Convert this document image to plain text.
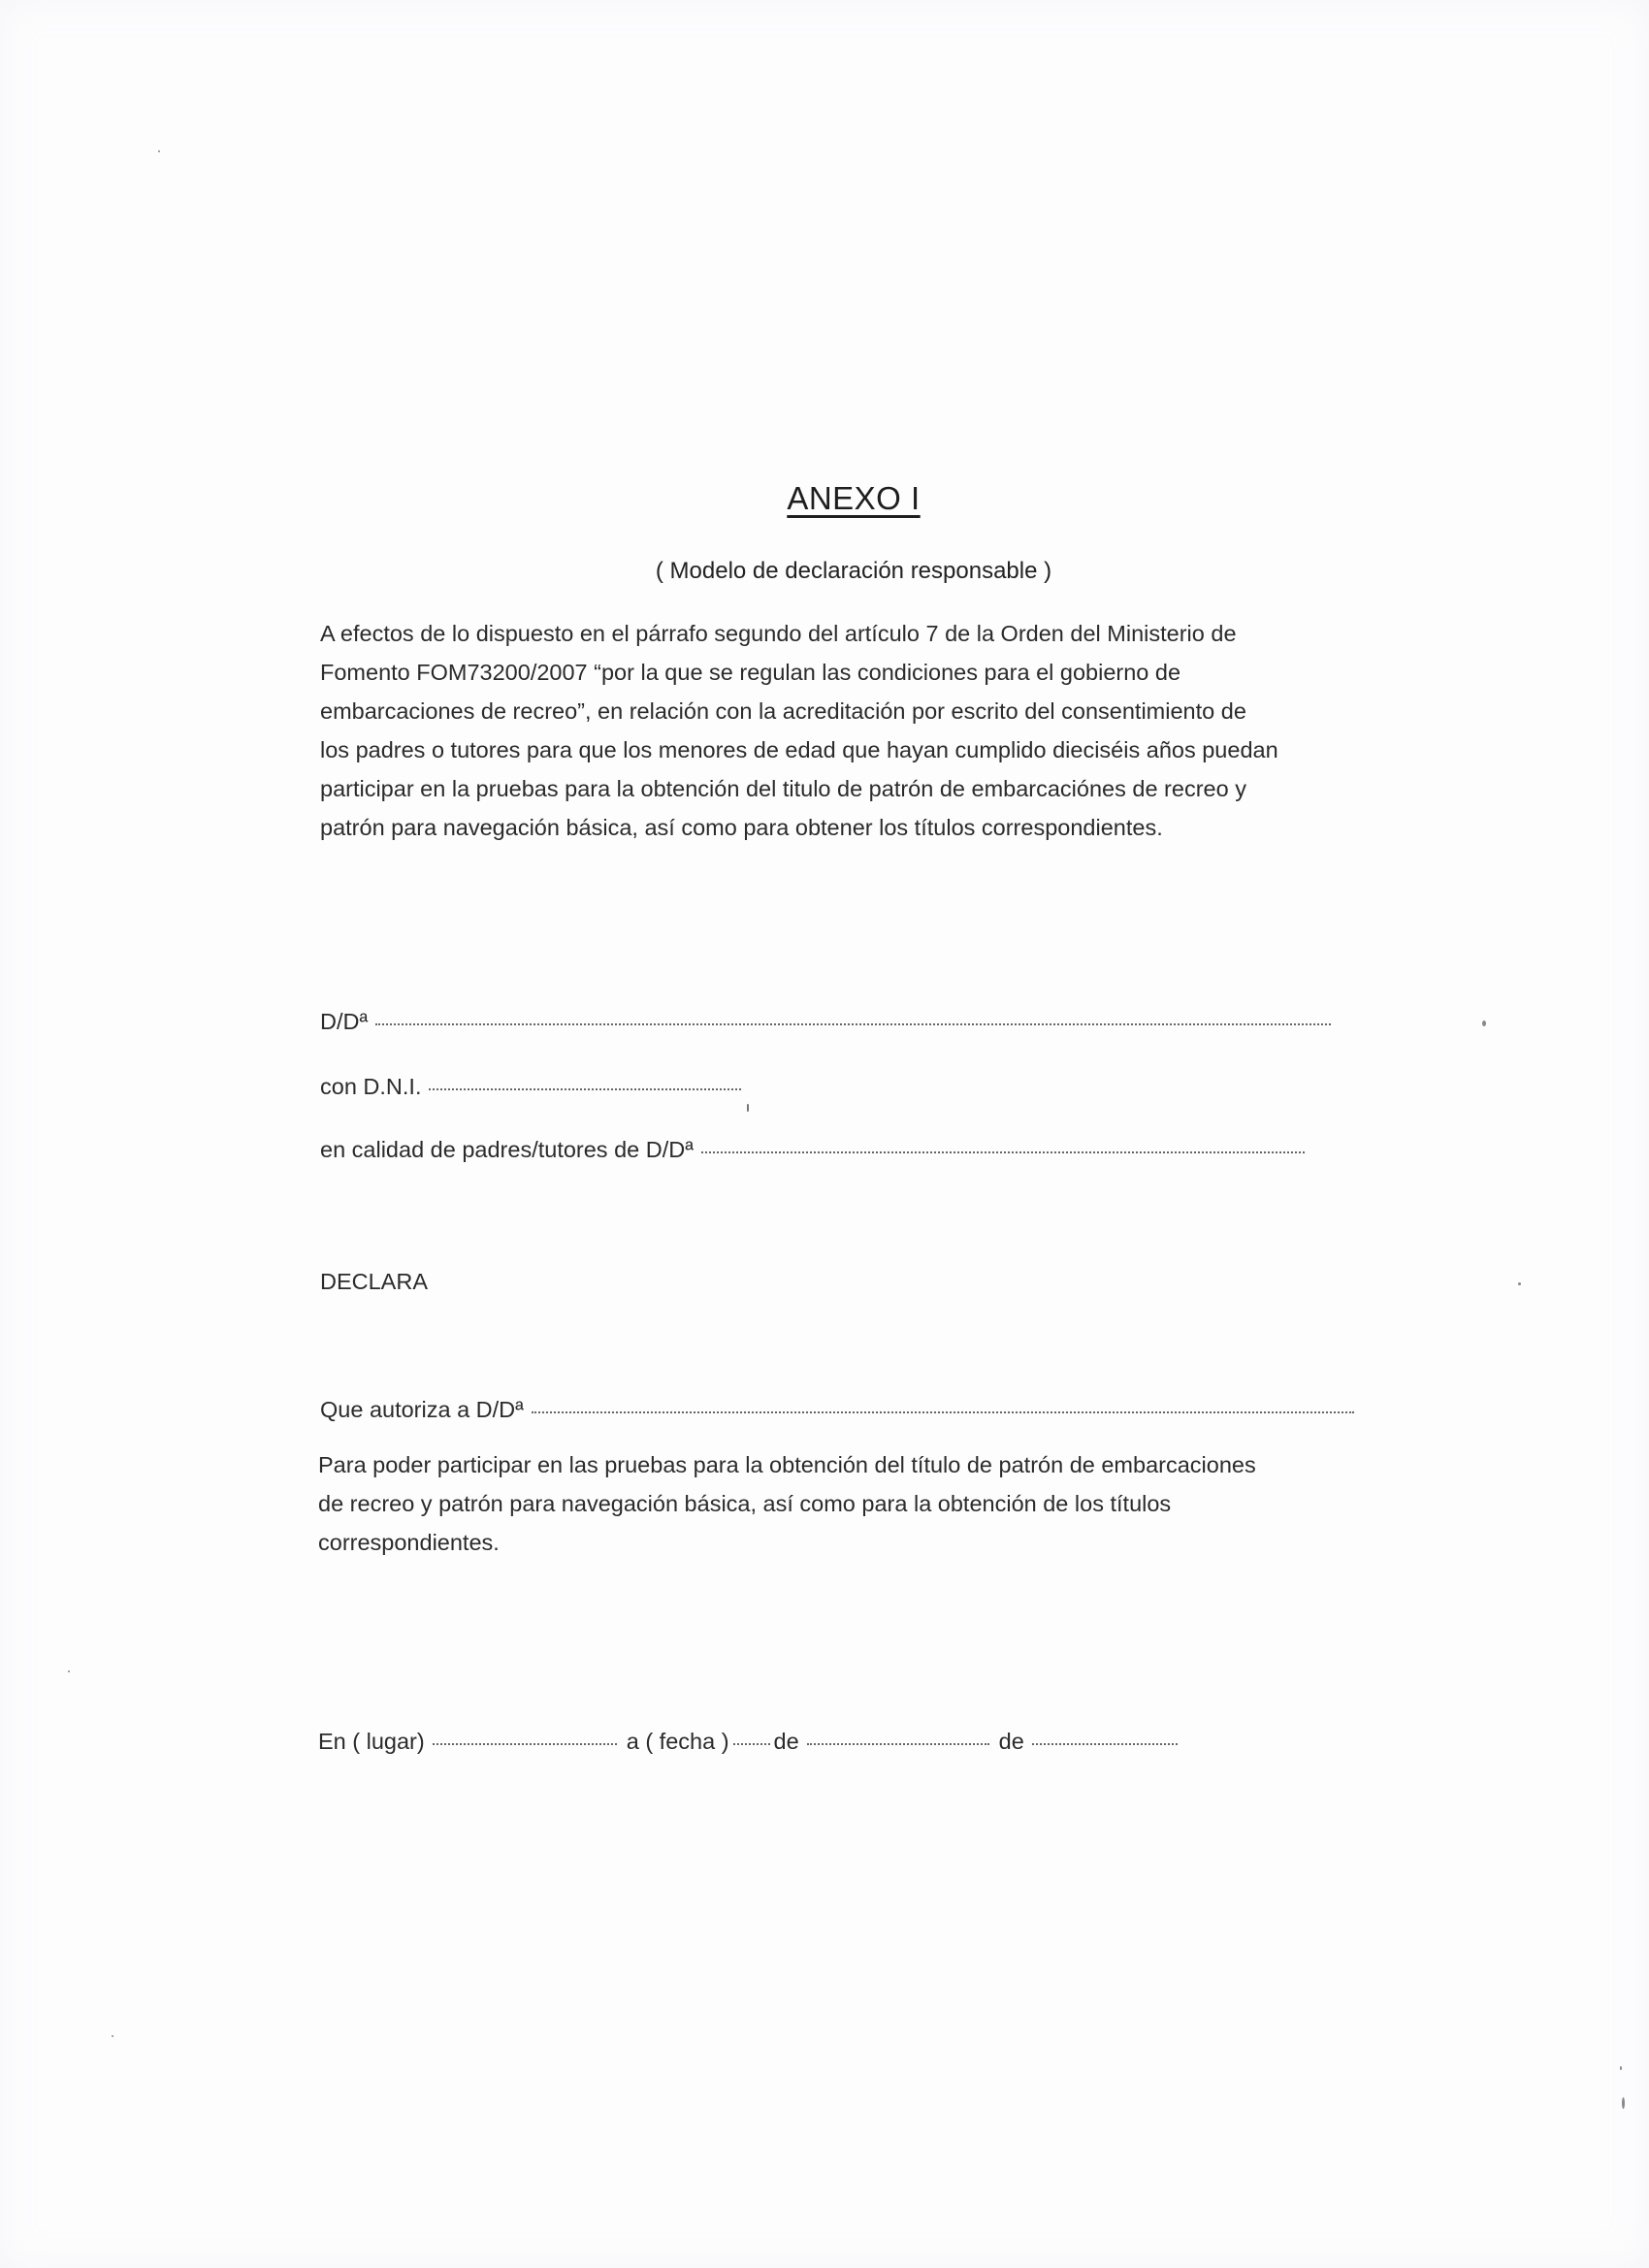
ANEXO I
( Modelo de declaración responsable )
A efectos de lo dispuesto en el párrafo segundo del artículo 7 de la Orden del Ministerio de
Fomento FOM73200/2007 “por la que se regulan las condiciones para el gobierno de
embarcaciones de recreo”, en relación con la acreditación por escrito del consentimiento de
los padres o tutores para que los menores de edad que hayan cumplido dieciséis años puedan
participar en la pruebas para la obtención del titulo de patrón de embarcaciónes de recreo y
patrón para navegación básica, así como para obtener los títulos correspondientes.
D/Dª
con D.N.I.
en calidad de padres/tutores de D/Dª
DECLARA
Que autoriza a D/Dª
Para poder participar en las pruebas para la obtención del título de patrón de embarcaciones
de recreo y patrón para navegación básica, así como para la obtención de los títulos
correspondientes.
En ( lugar)	a ( fecha ) de	de
